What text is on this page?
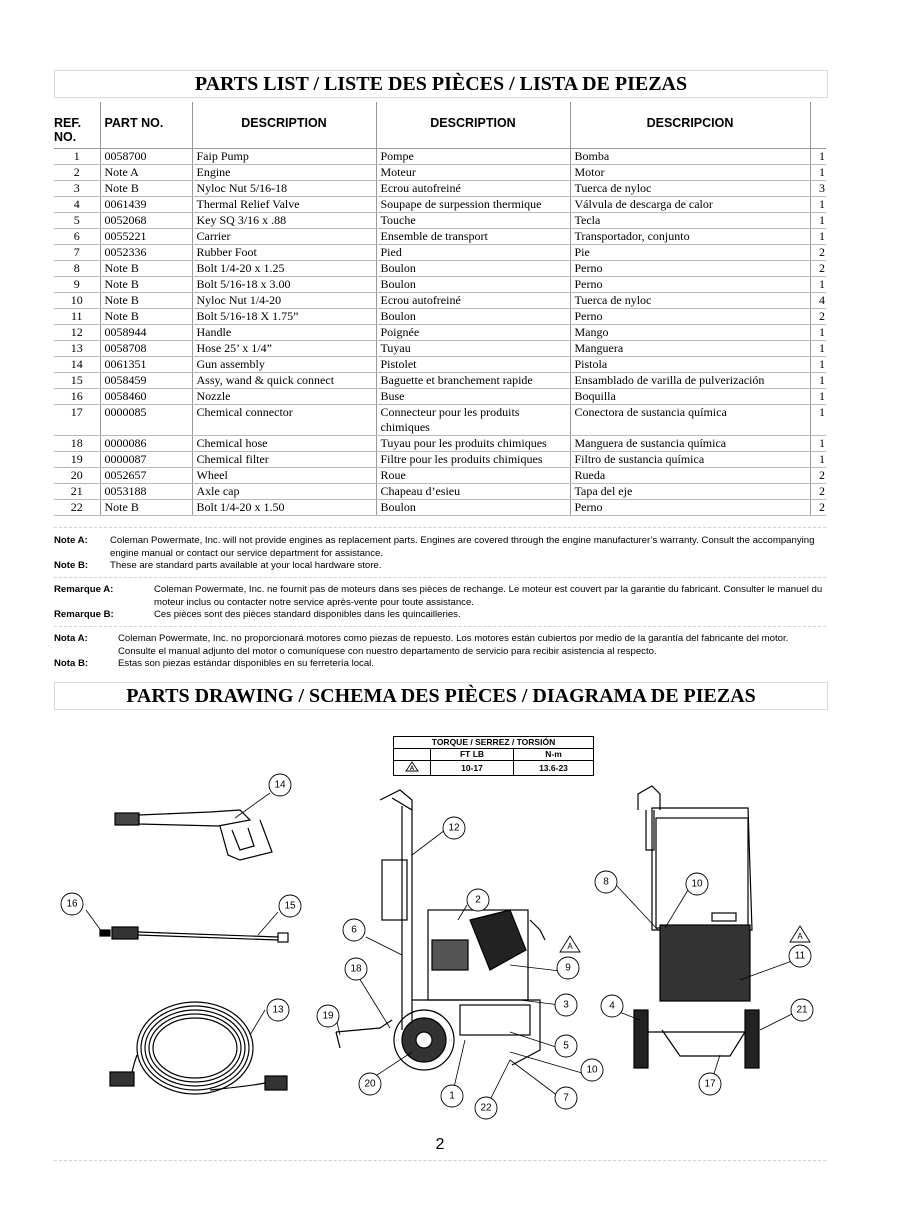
PARTS LIST / LISTE DES PIÈCES / LISTA DE PIEZAS
REF. NO.	PART NO.	DESCRIPTION	DESCRIPTION	DESCRIPCION	
1	0058700	Faip Pump	Pompe	Bomba	1
2	Note A	Engine	Moteur	Motor	1
3	Note B	Nyloc Nut 5/16-18	Ecrou autofreiné	Tuerca de nyloc	3
4	0061439	Thermal Relief Valve	Soupape de surpession thermique	Válvula de descarga de calor	1
5	0052068	Key SQ 3/16 x .88	Touche	Tecla	1
6	0055221	Carrier	Ensemble de transport	Transportador, conjunto	1
7	0052336	Rubber Foot	Pied	Pie	2
8	Note B	Bolt 1/4-20 x 1.25	Boulon	Perno	2
9	Note B	Bolt 5/16-18 x 3.00	Boulon	Perno	1
10	Note B	Nyloc Nut 1/4-20	Ecrou autofreiné	Tuerca de nyloc	4
11	Note B	Bolt 5/16-18 X 1.75”	Boulon	Perno	2
12	0058944	Handle	Poignée	Mango	1
13	0058708	Hose 25’ x 1/4”	Tuyau	Manguera	1
14	0061351	Gun assembly	Pistolet	Pistola	1
15	0058459	Assy, wand & quick connect	Baguette et branchement rapide	Ensamblado de varilla de pulverización	1
16	0058460	Nozzle	Buse	Boquilla	1
17	0000085	Chemical connector	Connecteur pour les produits chimiques	Conectora de sustancia química	1
18	0000086	Chemical hose	Tuyau pour les produits chimiques	Manguera de sustancia química	1
19	0000087	Chemical filter	Filtre pour les produits chimiques	Filtro de sustancia química	1
20	0052657	Wheel	Roue	Rueda	2
21	0053188	Axle cap	Chapeau d’esieu	Tapa del eje	2
22	Note B	Bolt 1/4-20 x 1.50	Boulon	Perno	2
Note A:	Coleman Powermate, Inc. will not provide engines as replacement parts. Engines are covered through the engine manufacturer’s warranty. Consult the accompanying engine manual or contact our service department for assistance.
Note B:	These are standard parts available at your local hardware store.
Remarque A:	Coleman Powermate, Inc. ne fournit pas de moteurs dans ses pièces de rechange. Le moteur est couvert par la garantie du fabricant. Consulter le manuel du moteur inclus ou contacter notre service après-vente pour toute assistance.
Remarque B:	Ces pièces sont des pièces standard disponibles dans les quincailleries.
Nota A:	Coleman Powermate, Inc. no proporcionará motores como piezas de repuesto. Los motores están cubiertos por medio de la garantía del fabricante del motor. Consulte el manual adjunto del motor o comuníquese con nuestro departamento de servicio para recibir asistencia al respecto.
Nota B:	Estas son piezas estándar disponibles en su ferretería local.
PARTS DRAWING / SCHEMA DES PIÈCES / DIAGRAMA DE PIEZAS
TORQUE / SERREZ / TORSIÓN		
	FT LB	N-m

A	10-17	13.6-23
A
A
14
12
16	15
2
6
8	10
18	9
3
19
13
5
4
11
21
10
7
20
1
22
17
2
